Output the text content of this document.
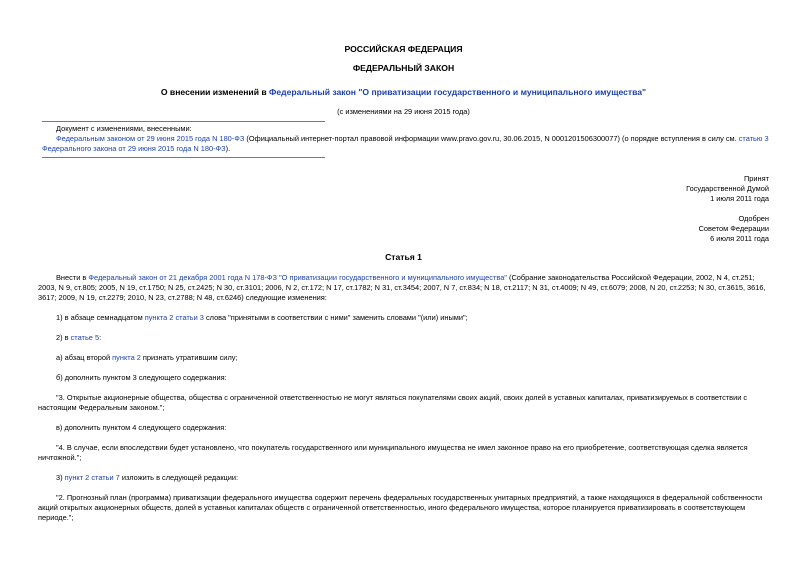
РОССИЙСКАЯ ФЕДЕРАЦИЯ
ФЕДЕРАЛЬНЫЙ ЗАКОН
О внесении изменений в Федеральный закон "О приватизации государственного и муниципального имущества"
(с изменениями на 29 июня 2015 года)
Документ с изменениями, внесенными:
Федеральным законом от 29 июня 2015 года N 180-ФЗ (Официальный интернет-портал правовой информации www.pravo.gov.ru, 30.06.2015, N 0001201506300077) (о порядке вступления в силу см. статью 3 Федерального закона от 29 июня 2015 года N 180-ФЗ).
Принят
Государственной Думой
1 июля 2011 года
Одобрен
Советом Федерации
6 июля 2011 года
Статья 1

Внести в Федеральный закон от 21 декабря 2001 года N 178-ФЗ "О приватизации государственного и муниципального имущества" (Собрание законодательства Российской Федерации, 2002, N 4, ст.251; 2003, N 9, ст.805; 2005, N 19, ст.1750; N 25, ст.2425; N 30, ст.3101; 2006, N 2, ст.172; N 17, ст.1782; N 31, ст.3454; 2007, N 7, ст.834; N 18, ст.2117; N 31, ст.4009; N 49, ст.6079; 2008, N 20, ст.2253; N 30, ст.3615, 3616, 3617; 2009, N 19, ст.2279; 2010, N 23, ст.2788; N 48, ст.6246) следующие изменения:

1) в абзаце семнадцатом пункта 2 статьи 3 слова "принятыми в соответствии с ними" заменить словами "(или) иными";

2) в статье 5:

а) абзац второй пункта 2 признать утратившим силу;

б) дополнить пунктом 3 следующего содержания:

"3. Открытые акционерные общества, общества с ограниченной ответственностью не могут являться покупателями своих акций, своих долей в уставных капиталах, приватизируемых в соответствии с настоящим Федеральным законом.";

в) дополнить пунктом 4 следующего содержания:

"4. В случае, если впоследствии будет установлено, что покупатель государственного или муниципального имущества не имел законное право на его приобретение, соответствующая сделка является ничтожной.";

3) пункт 2 статьи 7 изложить в следующей редакции:

"2. Прогнозный план (программа) приватизации федерального имущества содержит перечень федеральных государственных унитарных предприятий, а также находящихся в федеральной собственности акций открытых акционерных обществ, долей в уставных капиталах обществ с ограниченной ответственностью, иного федерального имущества, которое планируется приватизировать в соответствующем периоде.";
